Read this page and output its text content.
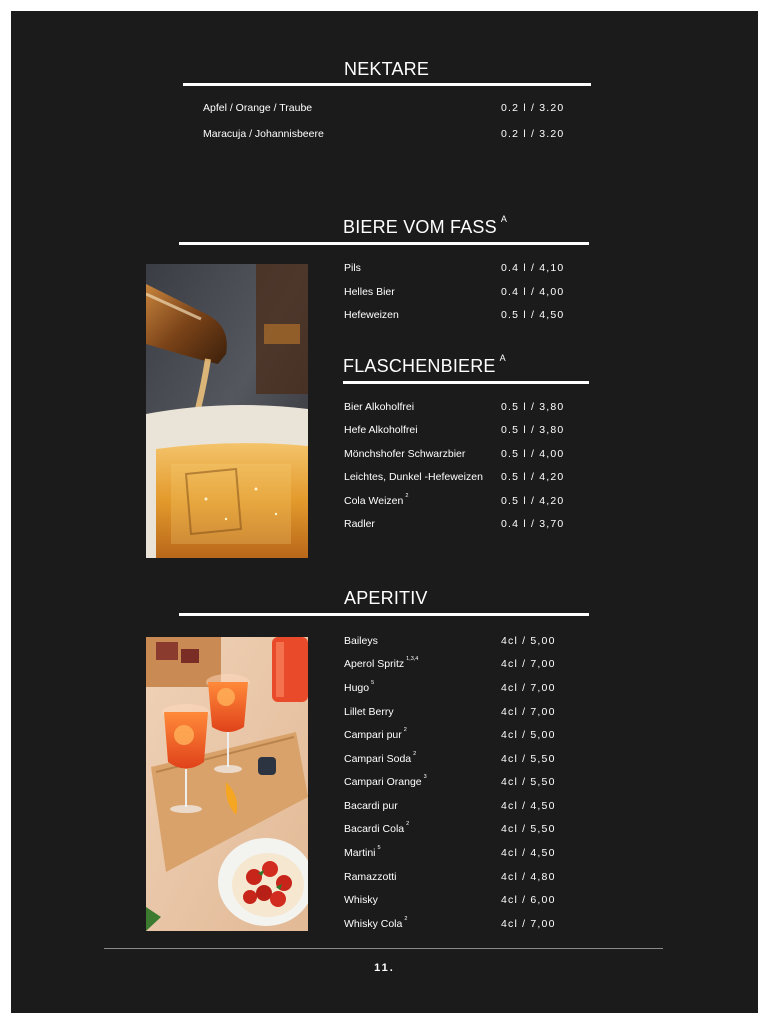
NEKTARE
Apfel / Orange / Traube	0.2 l / 3.20
Maracuja / Johannisbeere	0.2 l / 3.20
BIERE VOM FASS $^A$
Pils	0.4 l / 4,10
Helles Bier	0.4 l / 4,00
Hefeweizen	0.5 l / 4,50
FLASCHENBIERE $^A$
Bier Alkoholfrei	0.5 l / 3,80
Hefe Alkoholfrei	0.5 l / 3,80
Mönchshofer Schwarzbier	0.5 l / 4,00
Leichtes, Dunkel -Hefeweizen 0.5 l / 4,20
Cola Weizen $^2$	0.5 l / 4,20
Radler	0.4 l / 3,70
APERITIV
Baileys	4cl / 5,00
Aperol Spritz $^{1,3,4}$	4cl / 7,00
Hugo $^5$	4cl / 7,00
Lillet Berry	4cl / 7,00
Campari pur $^2$	4cl / 5,00
Campari Soda $^2$	4cl / 5,50
Campari Orange $^3$	4cl / 5,50
Bacardi pur	4cl / 4,50
Bacardi Cola $^2$	4cl / 5,50
Martini $^5$	4cl / 4,50
Ramazzotti	4cl / 4,80
Whisky	4cl / 6,00
Whisky Cola $^2$	4cl / 7,00
11.
